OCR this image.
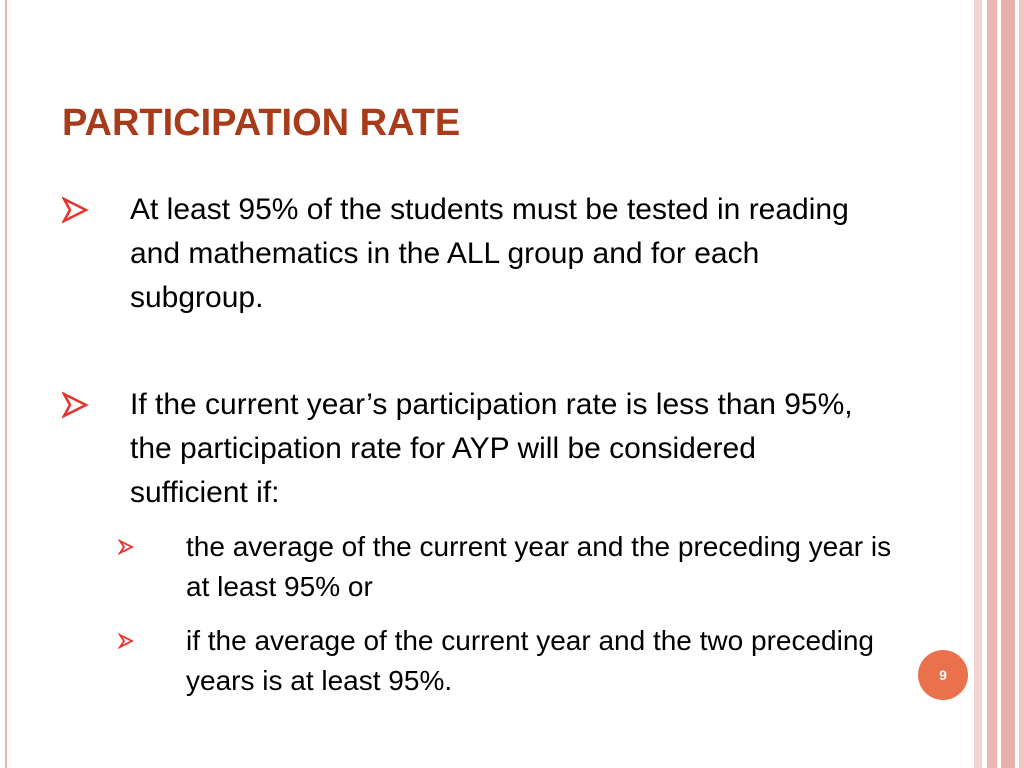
PARTICIPATION RATE
At least 95% of the students must be tested in reading and mathematics in the ALL group and for each subgroup.
If the current year’s participation rate is less than 95%, the participation rate for AYP will be considered sufficient if:
the average of the current year and the preceding year is at least 95% or
if the average of the current year and the two preceding years is at least 95%.	9
